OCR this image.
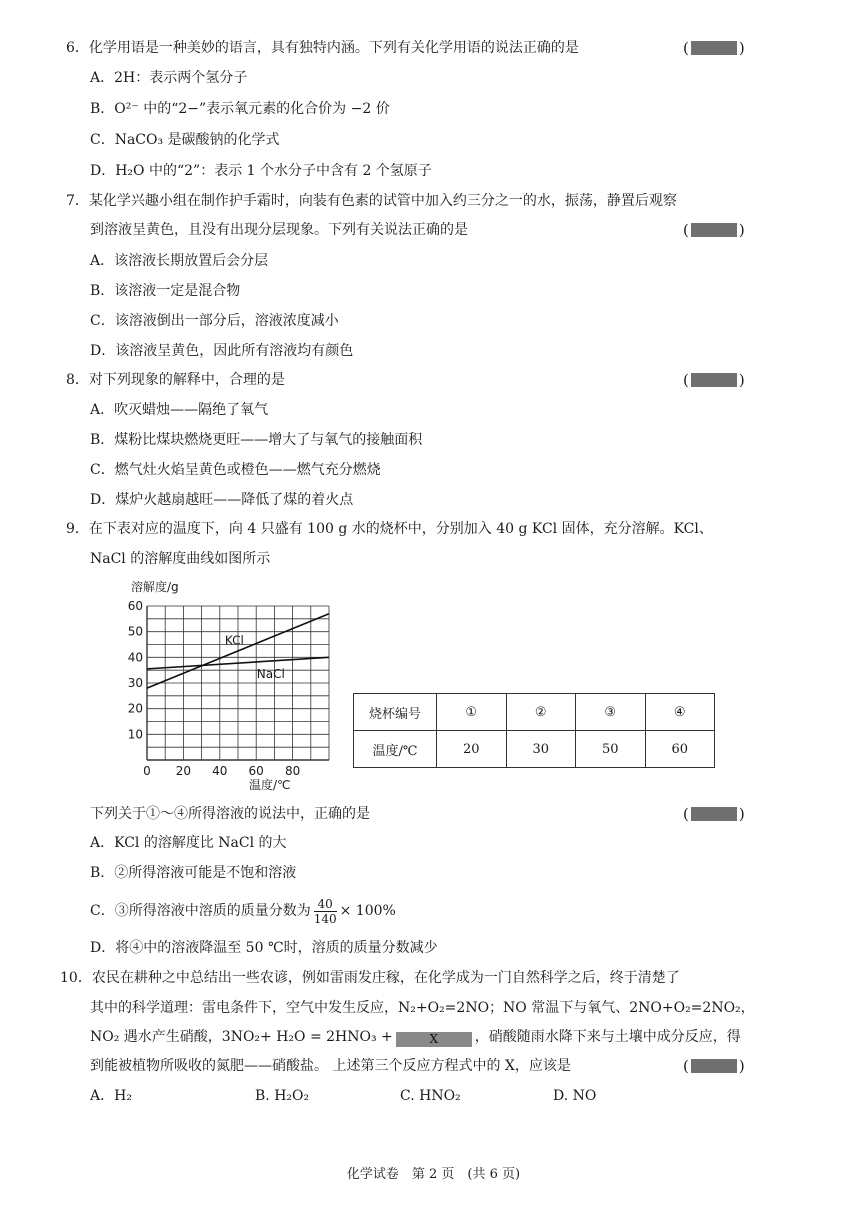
6．化学用语是一种美妙的语言，具有独特内涵。下列有关化学用语的说法正确的是	(	)
A．2H：表示两个氢分子
B．O²⁻ 中的“2−”表示氧元素的化合价为 −2 价
C．NaCO₃ 是碳酸钠的化学式
D．H₂O 中的“2”：表示 1 个水分子中含有 2 个氢原子
7．某化学兴趣小组在制作护手霜时，向装有色素的试管中加入约三分之一的水，振荡，静置后观察
到溶液呈黄色，且没有出现分层现象。下列有关说法正确的是	(	)
A．该溶液长期放置后会分层
B．该溶液一定是混合物
C．该溶液倒出一部分后，溶液浓度减小
D．该溶液呈黄色，因此所有溶液均有颜色
8．对下列现象的解释中，合理的是	(	)
A．吹灭蜡烛——隔绝了氧气
B．煤粉比煤块燃烧更旺——增大了与氧气的接触面积
C．燃气灶火焰呈黄色或橙色——燃气充分燃烧
D．煤炉火越扇越旺——降低了煤的着火点
9．在下表对应的温度下，向 4 只盛有 100 g 水的烧杯中，分别加入 40 g KCl 固体，充分溶解。KCl、
NaCl 的溶解度曲线如图所示
溶解度/g
10
20
30
40
50
60
0 20 40 60 80
KCl
NaCl
温度/℃
烧杯编号	①	②	③	④
温度/℃	20	30	50	60
下列关于①～④所得溶液的说法中，正确的是	(	)
A．KCl 的溶解度比 NaCl 的大
B．②所得溶液可能是不饱和溶液
C．③所得溶液中溶质的质量分数为 $\frac{40}{140} \times 100\%$
D．将④中的溶液降温至 50 ℃时，溶质的质量分数减少
10．农民在耕种之中总结出一些农谚，例如雷雨发庄稼，在化学成为一门自然科学之后，终于清楚了
其中的科学道理：雷电条件下，空气中发生反应，N₂+O₂=2NO；NO 常温下与氧气、2NO+O₂=2NO₂，
NO₂ 遇水产生硝酸，3NO₂+ H₂O = 2HNO₃ +	X	，硝酸随雨水降下来与土壤中成分反应，得
到能被植物所吸收的氮肥——硝酸盐。 上述第三个反应方程式中的 X，应该是	(	)
A．H₂	B. H₂O₂	C. HNO₂	D. NO
化学试卷　第 2 页　(共 6 页)
